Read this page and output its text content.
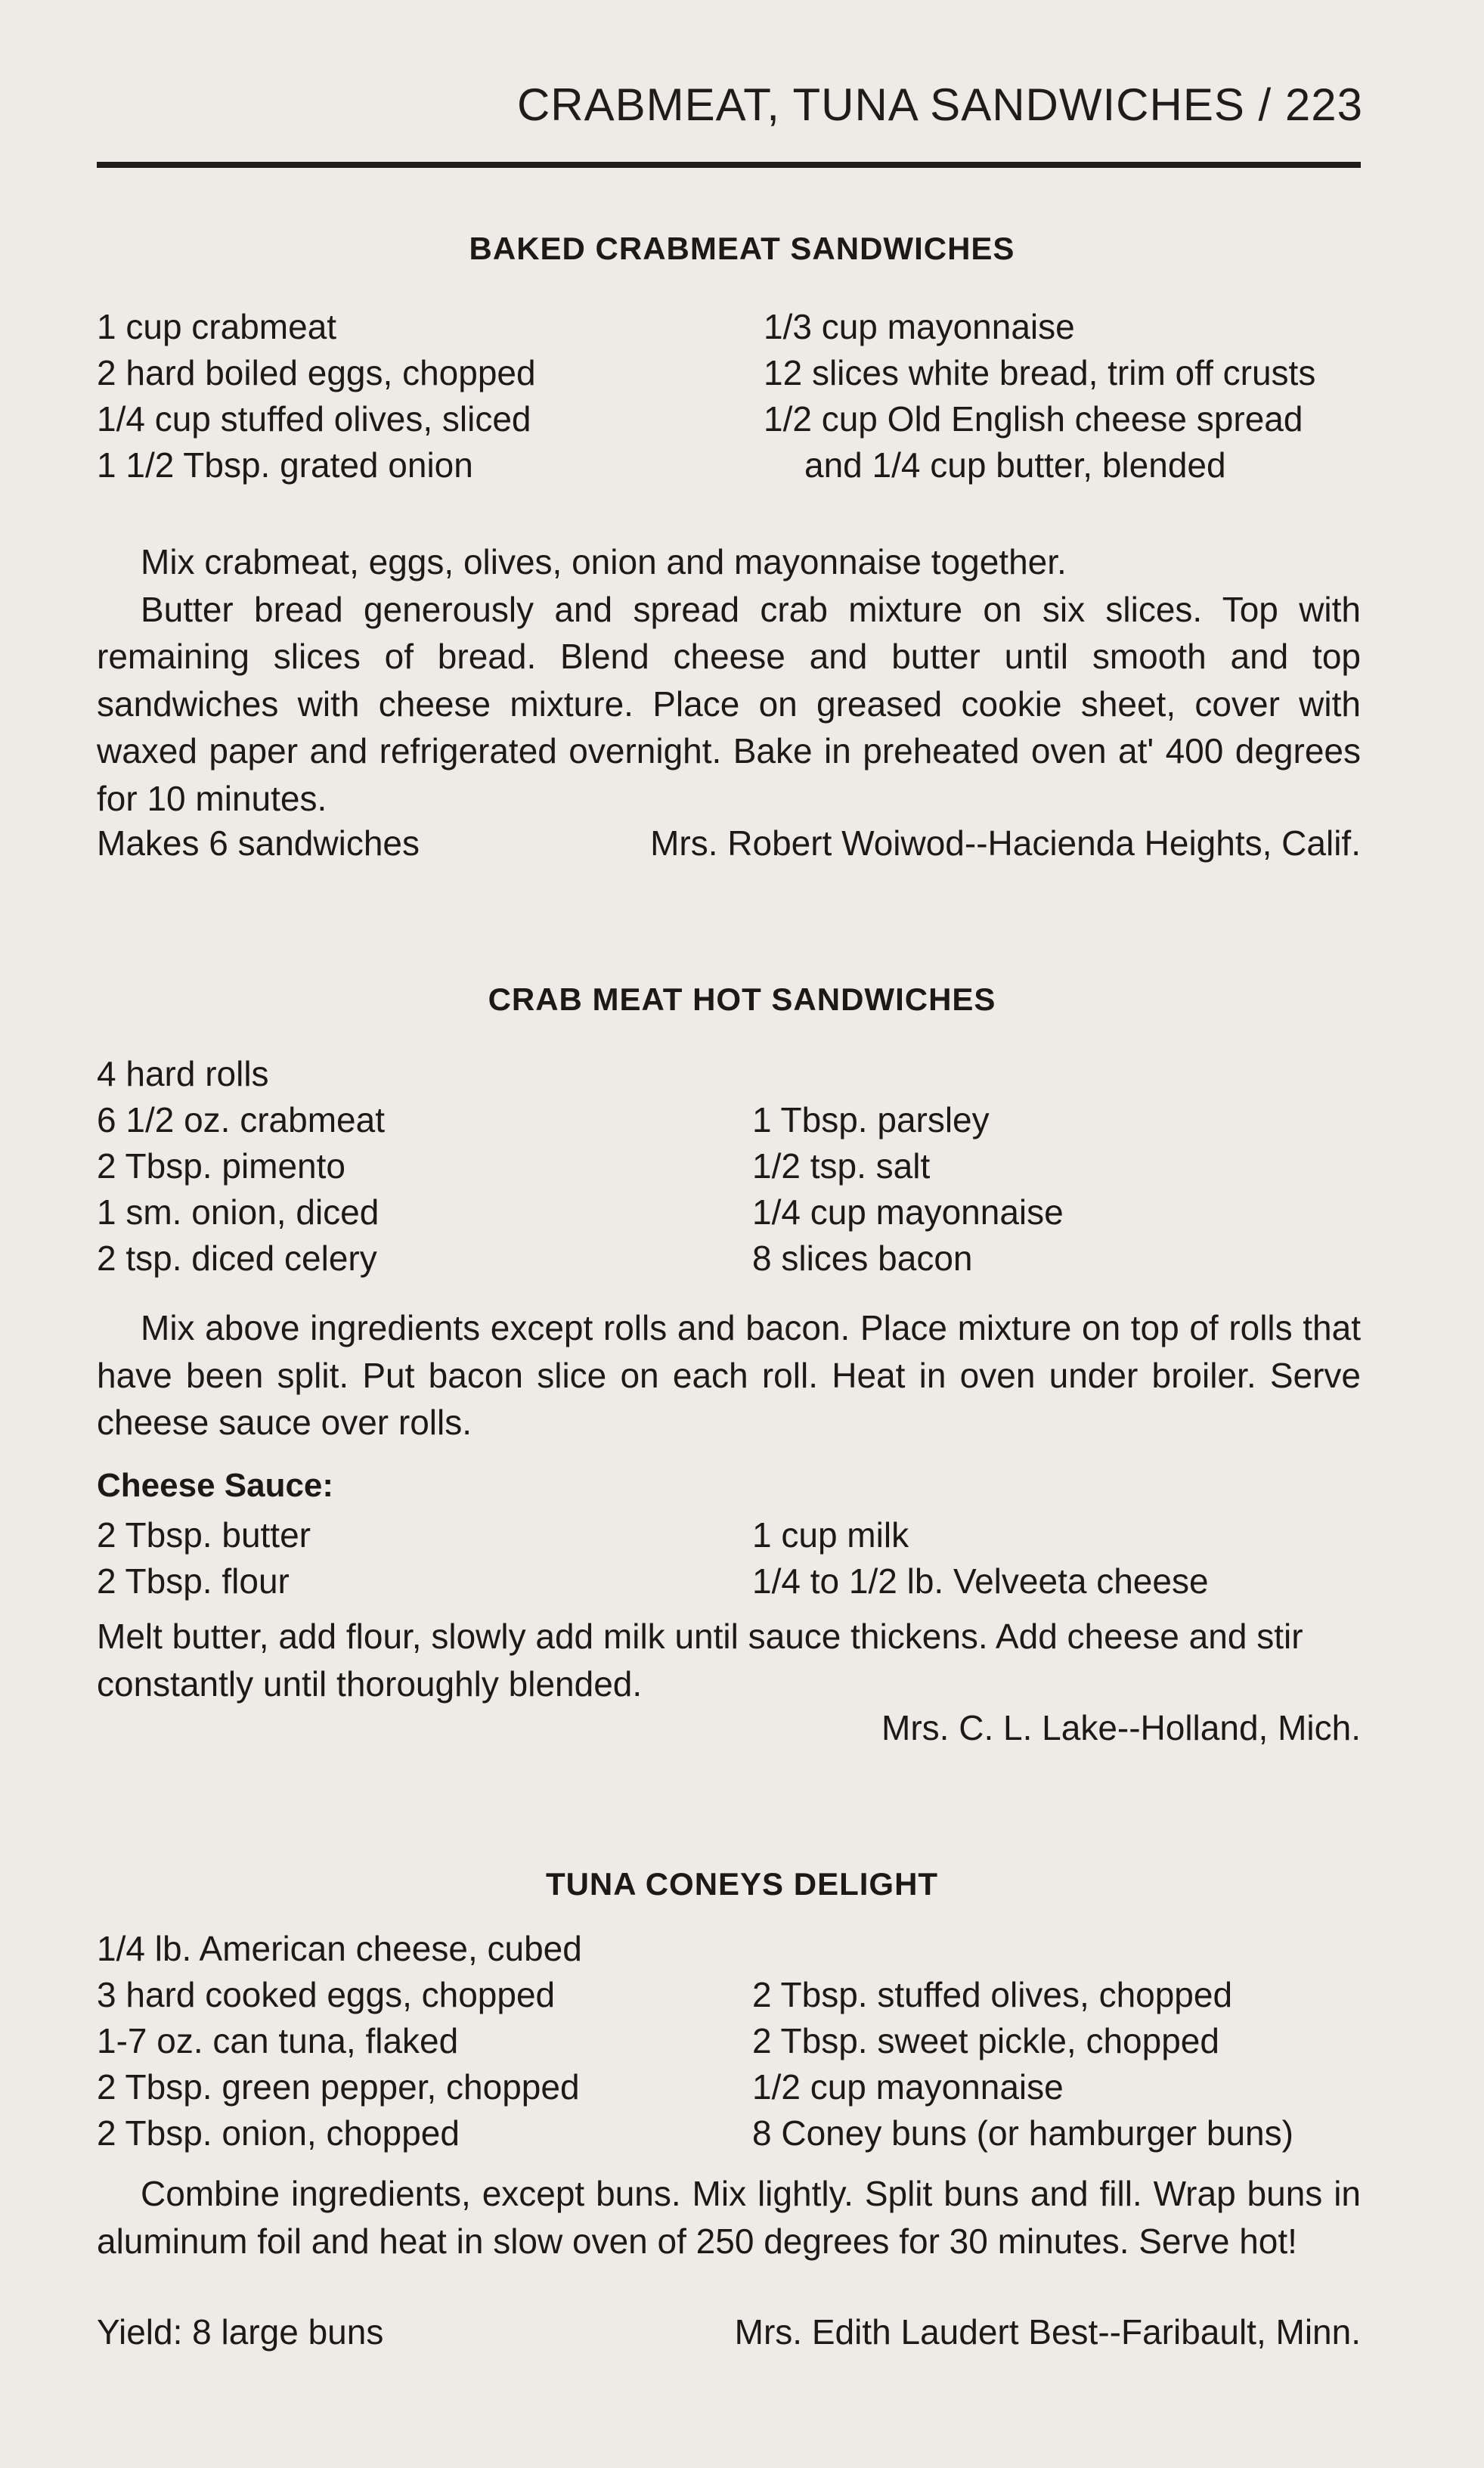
CRABMEAT, TUNA SANDWICHES / 223
BAKED CRABMEAT SANDWICHES
1 cup crabmeat
2 hard boiled eggs, chopped
1/4 cup stuffed olives, sliced
1 1/2 Tbsp. grated onion
1/3 cup mayonnaise
12 slices white bread, trim off crusts
1/2 cup Old English cheese spread
and 1/4 cup butter, blended

Mix crabmeat, eggs, olives, onion and mayonnaise together.

Butter bread generously and spread crab mixture on six slices. Top with remaining slices of bread. Blend cheese and butter until smooth and top sandwiches with cheese mixture. Place on greased cookie sheet, cover with waxed paper and refrigerated overnight. Bake in preheated oven at' 400 degrees for 10 minutes.

Makes 6 sandwiches	Mrs. Robert Woiwod--Hacienda Heights, Calif.
CRAB MEAT HOT SANDWICHES
4 hard rolls
6 1/2 oz. crabmeat
2 Tbsp. pimento
1 sm. onion, diced
2 tsp. diced celery
1 Tbsp. parsley
1/2 tsp. salt
1/4 cup mayonnaise
8 slices bacon

Mix above ingredients except rolls and bacon. Place mixture on top of rolls that have been split. Put bacon slice on each roll. Heat in oven under broiler. Serve cheese sauce over rolls.

Cheese Sauce:
2 Tbsp. butter
2 Tbsp. flour
1 cup milk
1/4 to 1/2 lb. Velveeta cheese
Melt butter, add flour, slowly add milk until sauce thickens. Add cheese and stir constantly until thoroughly blended.
Mrs. C. L. Lake--Holland, Mich.
TUNA CONEYS DELIGHT
1/4 lb. American cheese, cubed
3 hard cooked eggs, chopped
1-7 oz. can tuna, flaked
2 Tbsp. green pepper, chopped
2 Tbsp. onion, chopped
2 Tbsp. stuffed olives, chopped
2 Tbsp. sweet pickle, chopped
1/2 cup mayonnaise
8 Coney buns (or hamburger buns)

Combine ingredients, except buns. Mix lightly. Split buns and fill. Wrap buns in aluminum foil and heat in slow oven of 250 degrees for 30 minutes. Serve hot!

Yield: 8 large buns	Mrs. Edith Laudert Best--Faribault, Minn.
